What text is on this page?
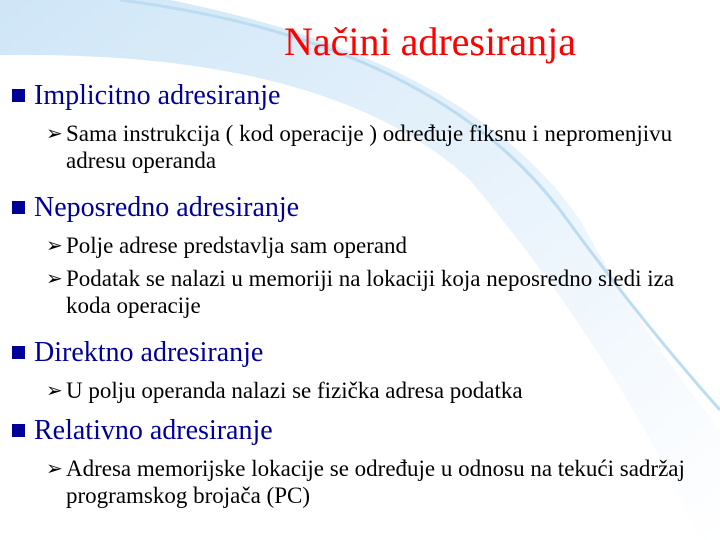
Načini adresiranja
Implicitno adresiranje
➢ Sama instrukcija ( kod operacije ) određuje fiksnu i nepromenjivu adresu operanda
Neposredno adresiranje
➢ Polje adrese predstavlja sam operand
➢ Podatak se nalazi u memoriji na lokaciji koja neposredno sledi iza koda operacije
Direktno adresiranje
➢ U polju operanda nalazi se fizička adresa podatka
Relativno adresiranje
➢ Adresa memorijske lokacije se određuje u odnosu na tekući sadržaj programskog brojača (PC)
